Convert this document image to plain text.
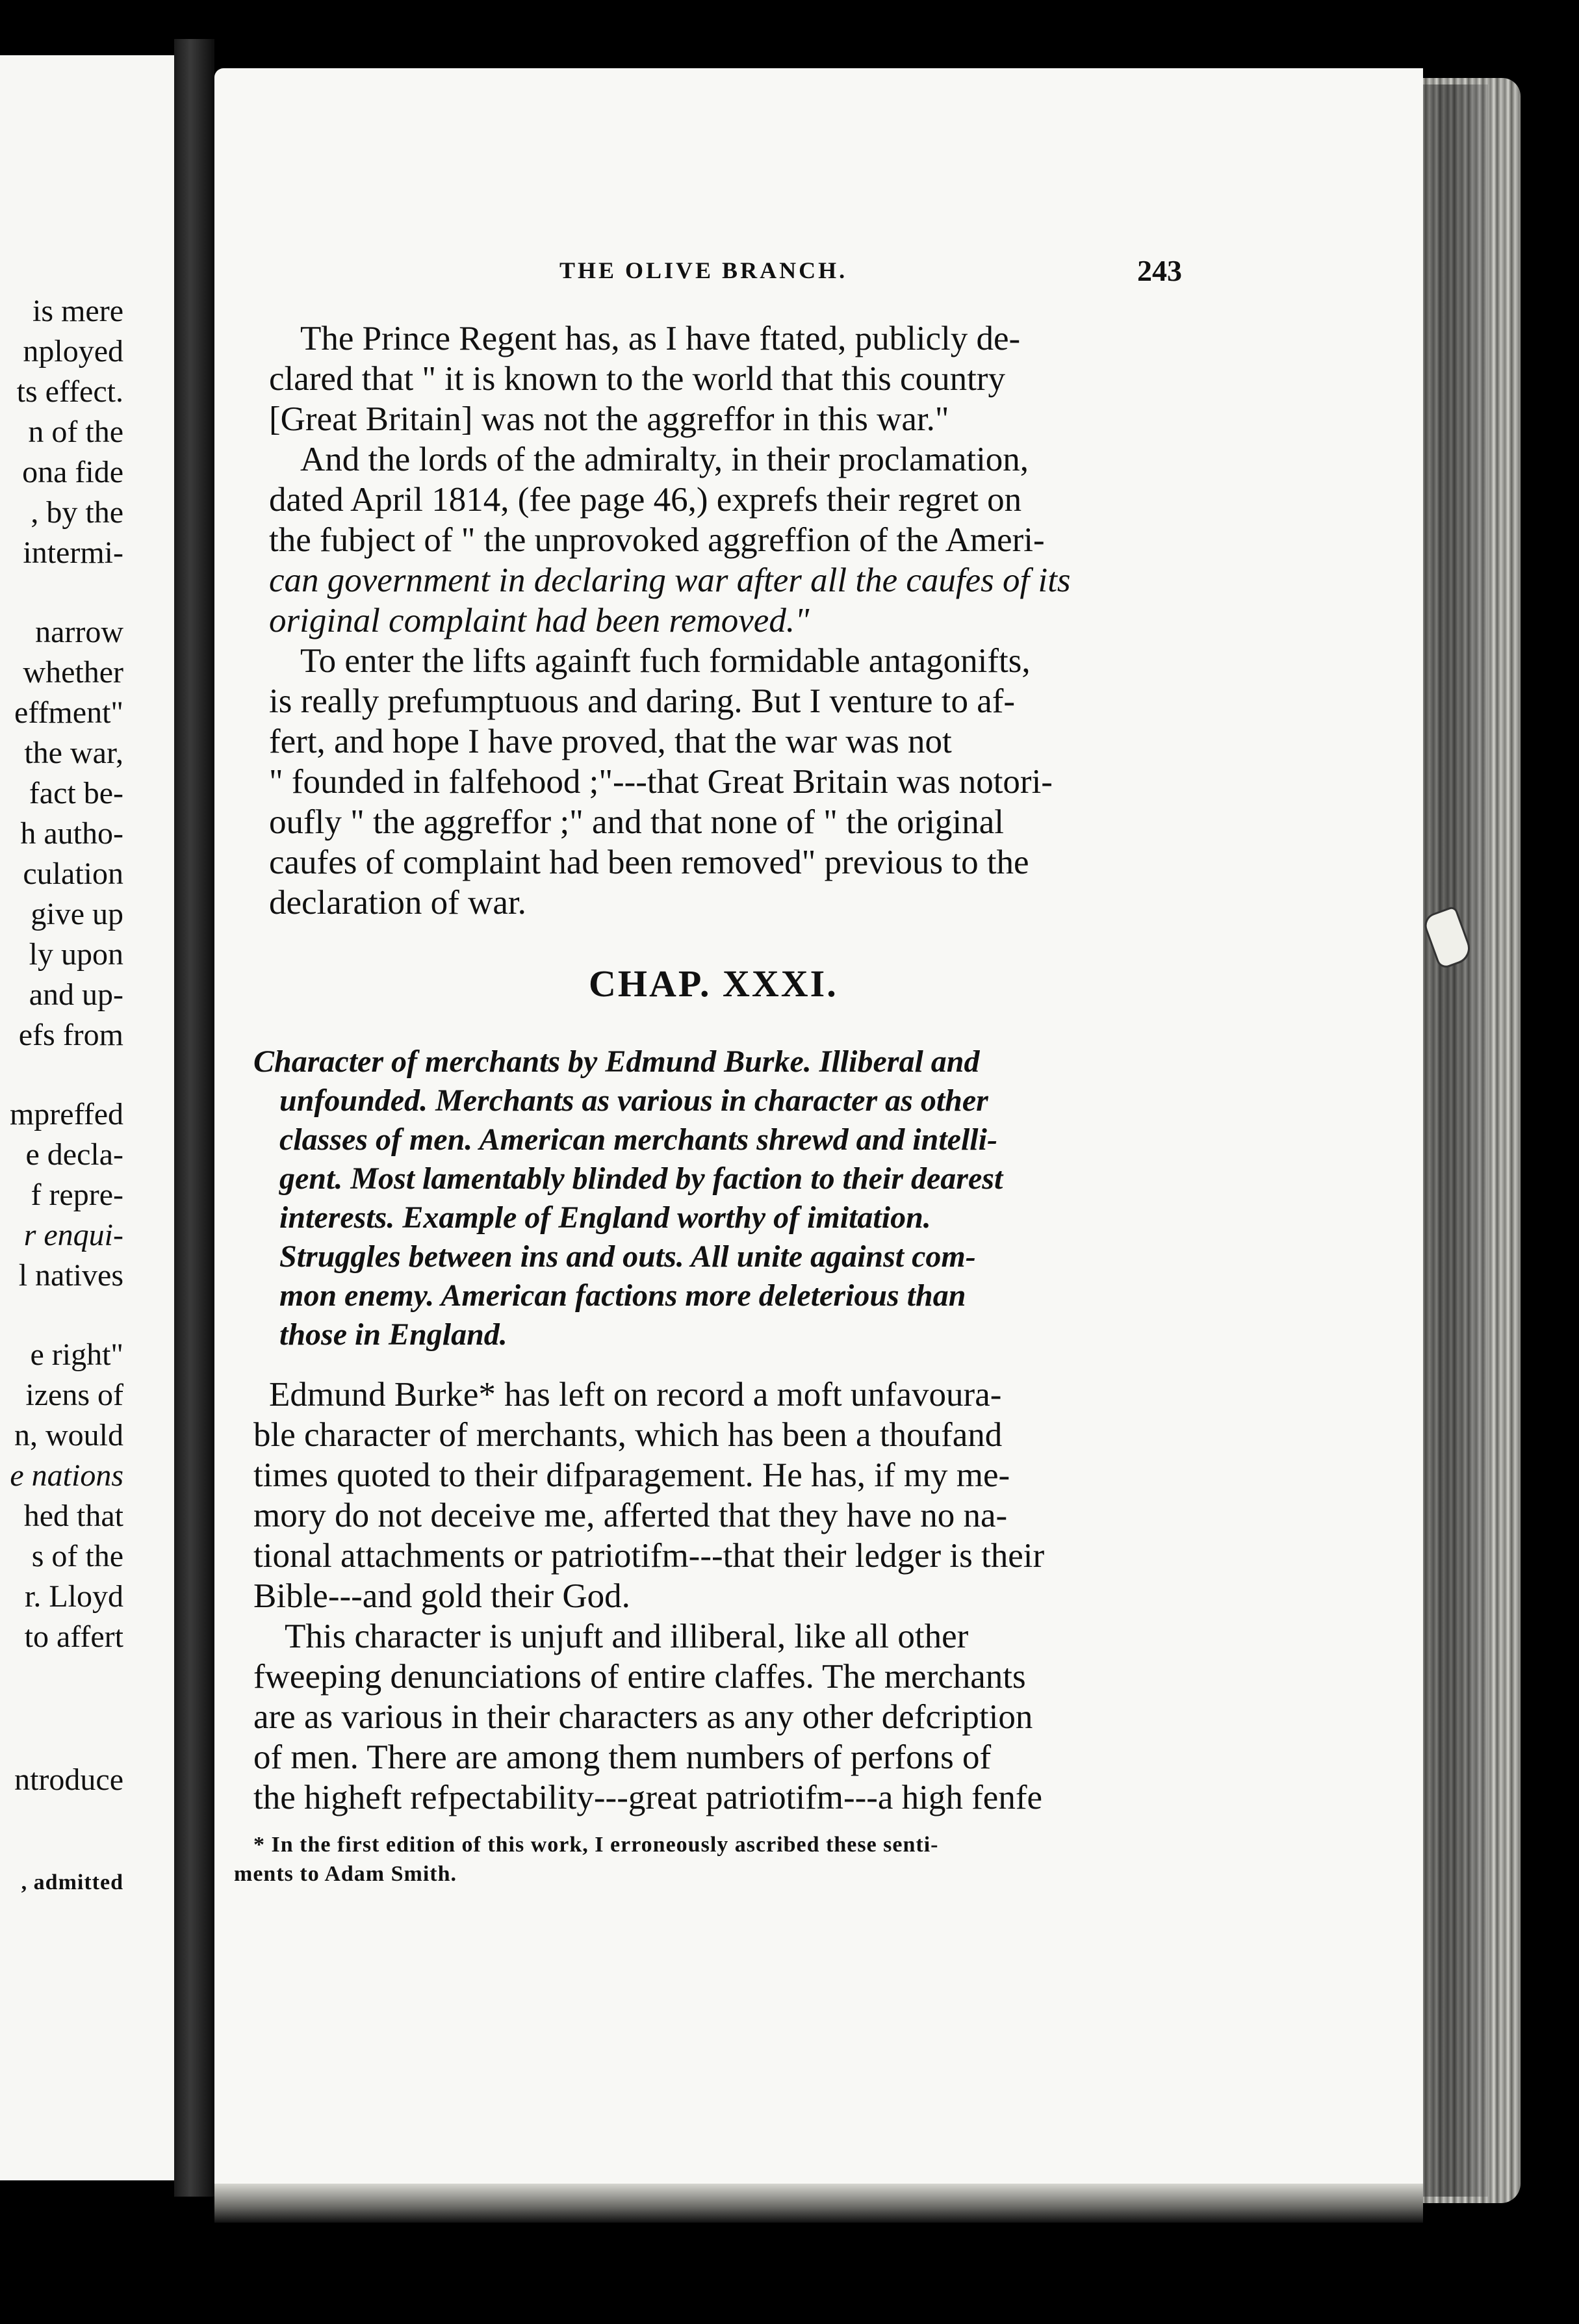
is mere
nployed
ts effect.
n of the
ona fide
, by the
intermi-
narrow
whether
effment"
the war,
fact be-
h autho-
culation
give up
ly upon
and up-
efs from
mpreffed
e decla-
f repre-
r enqui-
l natives
e right"
izens of
n, would
e nations
hed that
s of the
r. Lloyd
to affert
ntroduce
, admitted
THE OLIVE BRANCH.	243
The Prince Regent has, as I have ftated, publicly de-
clared that " it is known to the world that this country
[Great Britain] was not the aggreffor in this war."
And the lords of the admiralty, in their proclamation,
dated April 1814, (fee page 46,) exprefs their regret on
the fubject of " the unprovoked aggreffion of the Ameri-
can government in declaring war after all the caufes of its
original complaint had been removed."
To enter the lifts againft fuch formidable antagonifts,
is really prefumptuous and daring. But I venture to af-
fert, and hope I have proved, that the war was not
" founded in falfehood ;"---that Great Britain was notori-
oufly " the aggreffor ;" and that none of " the original
caufes of complaint had been removed" previous to the
declaration of war.
CHAP. XXXI.
Character of merchants by Edmund Burke. Illiberal and
unfounded. Merchants as various in character as other
classes of men. American merchants shrewd and intelli-
gent. Most lamentably blinded by faction to their dearest
interests. Example of England worthy of imitation.
Struggles between ins and outs. All unite against com-
mon enemy. American factions more deleterious than
those in England.
Edmund Burke* has left on record a moft unfavoura-
ble character of merchants, which has been a thoufand
times quoted to their difparagement. He has, if my me-
mory do not deceive me, afferted that they have no na-
tional attachments or patriotifm---that their ledger is their
Bible---and gold their God.
This character is unjuft and illiberal, like all other
fweeping denunciations of entire claffes. The merchants
are as various in their characters as any other defcription
of men. There are among them numbers of perfons of
the higheft refpectability---great patriotifm---a high fenfe
* In the first edition of this work, I erroneously ascribed these senti-
ments to Adam Smith.
